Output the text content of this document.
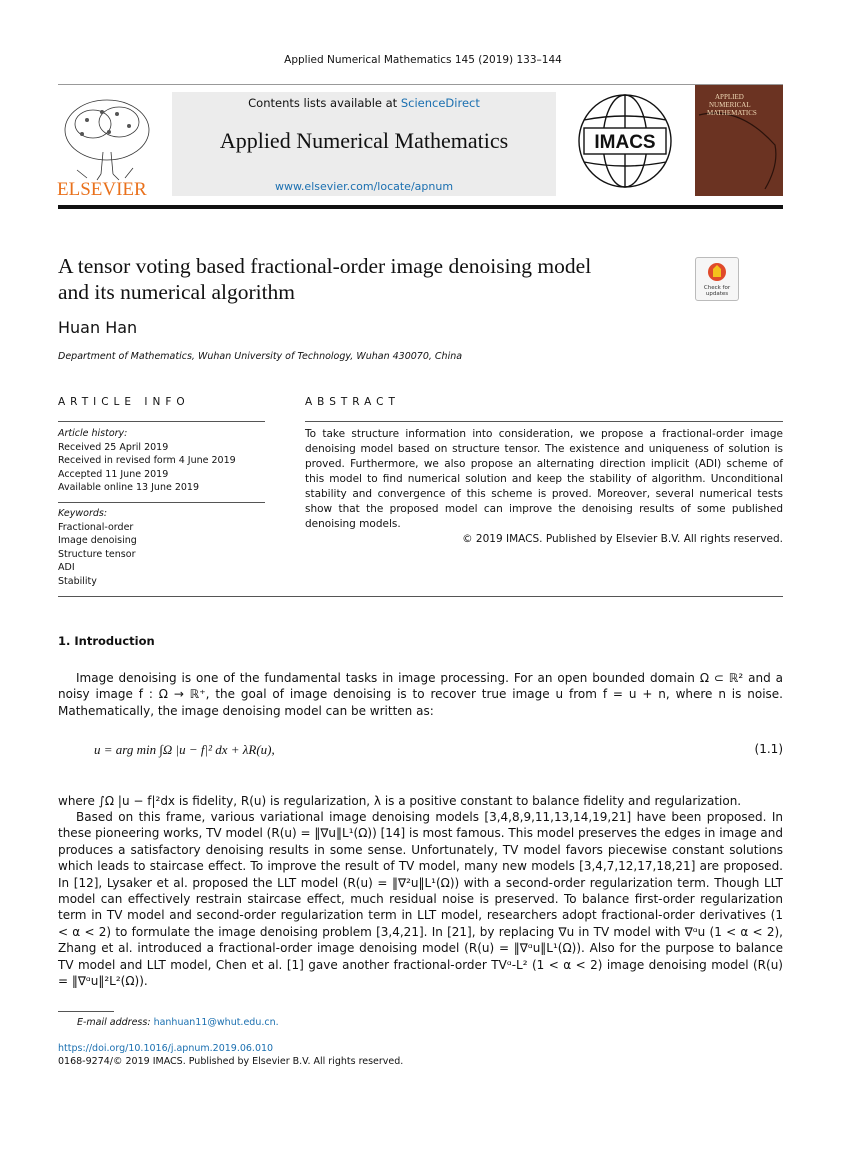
Applied Numerical Mathematics 145 (2019) 133–144
ELSEVIER
Contents lists available at ScienceDirect
Applied Numerical Mathematics
www.elsevier.com/locate/apnum
IMACS
APPLIED
NUMERICAL
MATHEMATICS
A tensor voting based fractional-order image denoising model
and its numerical algorithm	Check for
updates
Huan Han
Department of Mathematics, Wuhan University of Technology, Wuhan 430070, China
ARTICLE INFO	ABSTRACT
Article history:
Received 25 April 2019
Received in revised form 4 June 2019
Accepted 11 June 2019
Available online 13 June 2019
Keywords:
Fractional-order
Image denoising
Structure tensor
ADI
Stability
To take structure information into consideration, we propose a fractional-order image denoising model based on structure tensor. The existence and uniqueness of solution is proved. Furthermore, we also propose an alternating direction implicit (ADI) scheme of this model to find numerical solution and keep the stability of algorithm. Unconditional stability and convergence of this scheme is proved. Moreover, several numerical tests show that the proposed model can improve the denoising results of some published denoising models.
© 2019 IMACS. Published by Elsevier B.V. All rights reserved.
1. Introduction
Image denoising is one of the fundamental tasks in image processing. For an open bounded domain Ω ⊂ ℝ² and a noisy image f : Ω → ℝ⁺, the goal of image denoising is to recover true image u from f = u + n, where n is noise. Mathematically, the image denoising model can be written as:
u = arg min ∫Ω |u − f|² dx + λR(u),	(1.1)
where ∫Ω |u − f|²dx is fidelity, R(u) is regularization, λ is a positive constant to balance fidelity and regularization.
Based on this frame, various variational image denoising models [3,4,8,9,11,13,14,19,21] have been proposed. In these pioneering works, TV model (R(u) = ‖∇u‖L¹(Ω)) [14] is most famous. This model preserves the edges in image and produces a satisfactory denoising results in some sense. Unfortunately, TV model favors piecewise constant solutions which leads to staircase effect. To improve the result of TV model, many new models [3,4,7,12,17,18,21] are proposed. In [12], Lysaker et al. proposed the LLT model (R(u) = ‖∇²u‖L¹(Ω)) with a second-order regularization term. Though LLT model can effectively restrain staircase effect, much residual noise is preserved. To balance first-order regularization term in TV model and second-order regularization term in LLT model, researchers adopt fractional-order derivatives (1 < α < 2) to formulate the image denoising problem [3,4,21]. In [21], by replacing ∇u in TV model with ∇ᵅu (1 < α < 2), Zhang et al. introduced a fractional-order image denoising model (R(u) = ‖∇ᵅu‖L¹(Ω)). Also for the purpose to balance TV model and LLT model, Chen et al. [1] gave another fractional-order TVᵅ-L² (1 < α < 2) image denoising model (R(u) = ‖∇ᵅu‖²L²(Ω)).
E-mail address: hanhuan11@whut.edu.cn.
https://doi.org/10.1016/j.apnum.2019.06.010
0168-9274/© 2019 IMACS. Published by Elsevier B.V. All rights reserved.
